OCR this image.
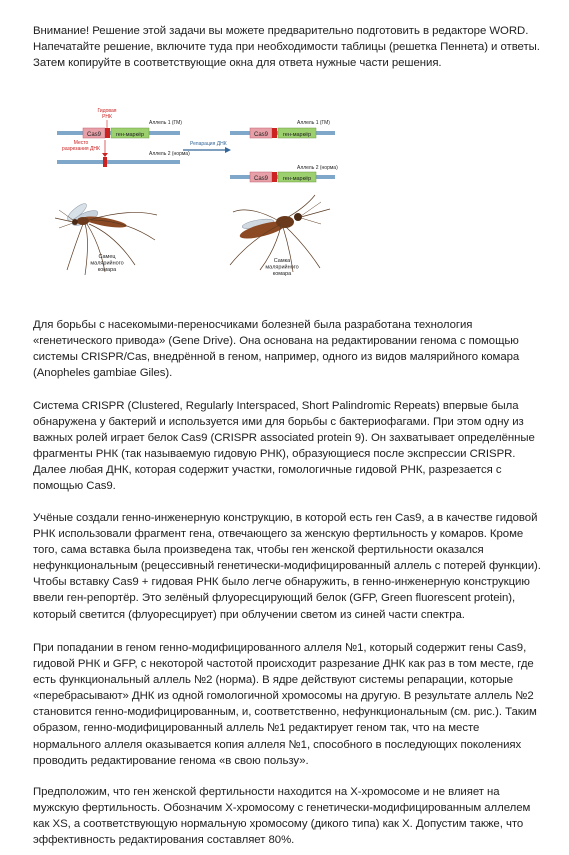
Внимание! Решение этой задачи вы можете предварительно подготовить в редакторе WORD.
Напечатайте решение, включите туда при необходимости таблицы (решетка Пеннета) и ответы.
Затем копируйте в соответствующие окна для ответа нужные части решения.

Cas9	ген-маркёр
Аллель 1 (ГМ)
Гидовая РНК
Место разрезания ДНК
Аллель 2 (норма)
Репарация ДНК
Cas9	ген-маркёр
Аллель 1 (ГМ)
Cas9	ген-маркёр
Аллель 2 (норма)
Самец малярийного комара
Самка малярийного комара

Для борьбы с насекомыми-переносчиками болезней была разработана технология
«генетического привода» (Gene Drive). Она основана на редактировании генома с помощью
системы CRISPR/Cas, внедрённой в геном, например, одного из видов малярийного комара
(Anopheles gambiae Giles).

Система CRISPR (Clustered, Regularly Interspaced, Short Palindromic Repeats) впервые была
обнаружена у бактерий и используется ими для борьбы с бактериофагами. При этом одну из
важных ролей играет белок Cas9 (CRISPR associated protein 9). Он захватывает определённые
фрагменты РНК (так называемую гидовую РНК), образующиеся после экспрессии CRISPR.
Далее любая ДНК, которая содержит участки, гомологичные гидовой РНК, разрезается с
помощью Cas9.

Учёные создали генно-инженерную конструкцию, в которой есть ген Cas9, а в качестве гидовой
РНК использовали фрагмент гена, отвечающего за женскую фертильность у комаров. Кроме
того, сама вставка была произведена так, чтобы ген женской фертильности оказался
нефункциональным (рецессивный генетически-модифицированный аллель с потерей функции).
Чтобы вставку Cas9 + гидовая РНК было легче обнаружить, в генно-инженерную конструкцию
ввели ген-репортёр. Это зелёный флуоресцирующий белок (GFP, Green fluorescent protein),
который светится (флуоресцирует) при облучении светом из синей части спектра.

При попадании в геном генно-модифицированного аллеля №1, который содержит гены Cas9,
гидовой РНК и GFP, с некоторой частотой происходит разрезание ДНК как раз в том месте, где
есть функциональный аллель №2 (норма). В ядре действуют системы репарации, которые
«перебрасывают» ДНК из одной гомологичной хромосомы на другую. В результате аллель №2
становится генно-модифицированным, и, соответственно, нефункциональным (см. рис.). Таким
образом, генно-модифицированный аллель №1 редактирует геном так, что на месте
нормального аллеля оказывается копия аллеля №1, способного в последующих поколениях
проводить редактирование генома «в свою пользу».

Предположим, что ген женской фертильности находится на X-хромосоме и не влияет на
мужскую фертильность. Обозначим X-хромосому с генетически-модифицированным аллелем
как XS, а соответствующую нормальную хромосому (дикого типа) как X. Допустим также, что
эффективность редактирования составляет 80%.
